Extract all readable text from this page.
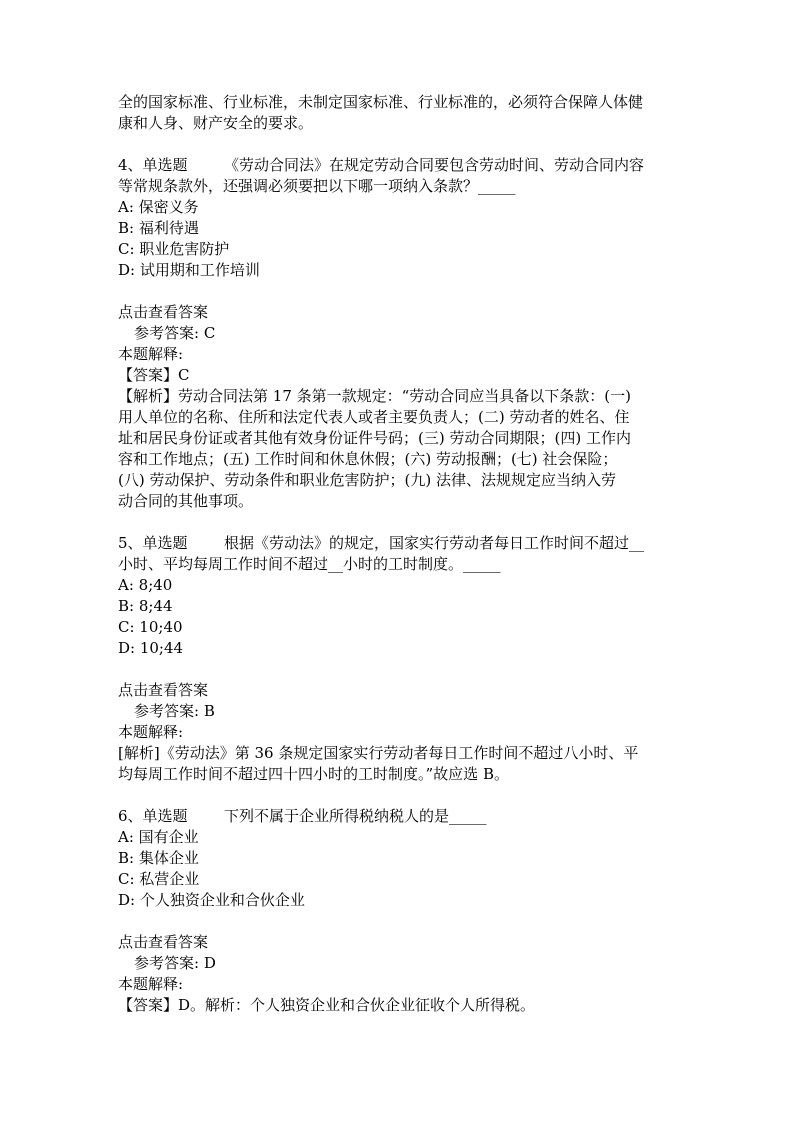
全的国家标准、行业标准，未制定国家标准、行业标准的，必须符合保障人体健
康和人身、财产安全的要求。
4、单选题 《劳动合同法》在规定劳动合同要包含劳动时间、劳动合同内容
等常规条款外，还强调必须要把以下哪一项纳入条款？_____
A: 保密义务
B: 福利待遇
C: 职业危害防护
D: 试用期和工作培训
点击查看答案
参考答案: C
本题解释:
【答案】C
【解析】劳动合同法第 17 条第一款规定：“劳动合同应当具备以下条款：(一)
用人单位的名称、住所和法定代表人或者主要负责人；(二) 劳动者的姓名、住
址和居民身份证或者其他有效身份证件号码；(三) 劳动合同期限；(四) 工作内
容和工作地点；(五) 工作时间和休息休假；(六) 劳动报酬；(七) 社会保险；
(八) 劳动保护、劳动条件和职业危害防护；(九) 法律、法规规定应当纳入劳
动合同的其他事项。
5、单选题 根据《劳动法》的规定，国家实行劳动者每日工作时间不超过__
小时、平均每周工作时间不超过__小时的工时制度。_____
A: 8;40
B: 8;44
C: 10;40
D: 10;44
点击查看答案
参考答案: B
本题解释:
[解析]《劳动法》第 36 条规定国家实行劳动者每日工作时间不超过八小时、平
均每周工作时间不超过四十四小时的工时制度。”故应选 B。
6、单选题 下列不属于企业所得税纳税人的是_____
A: 国有企业
B: 集体企业
C: 私营企业
D: 个人独资企业和合伙企业
点击查看答案
参考答案: D
本题解释:
【答案】D。解析：个人独资企业和合伙企业征收个人所得税。
